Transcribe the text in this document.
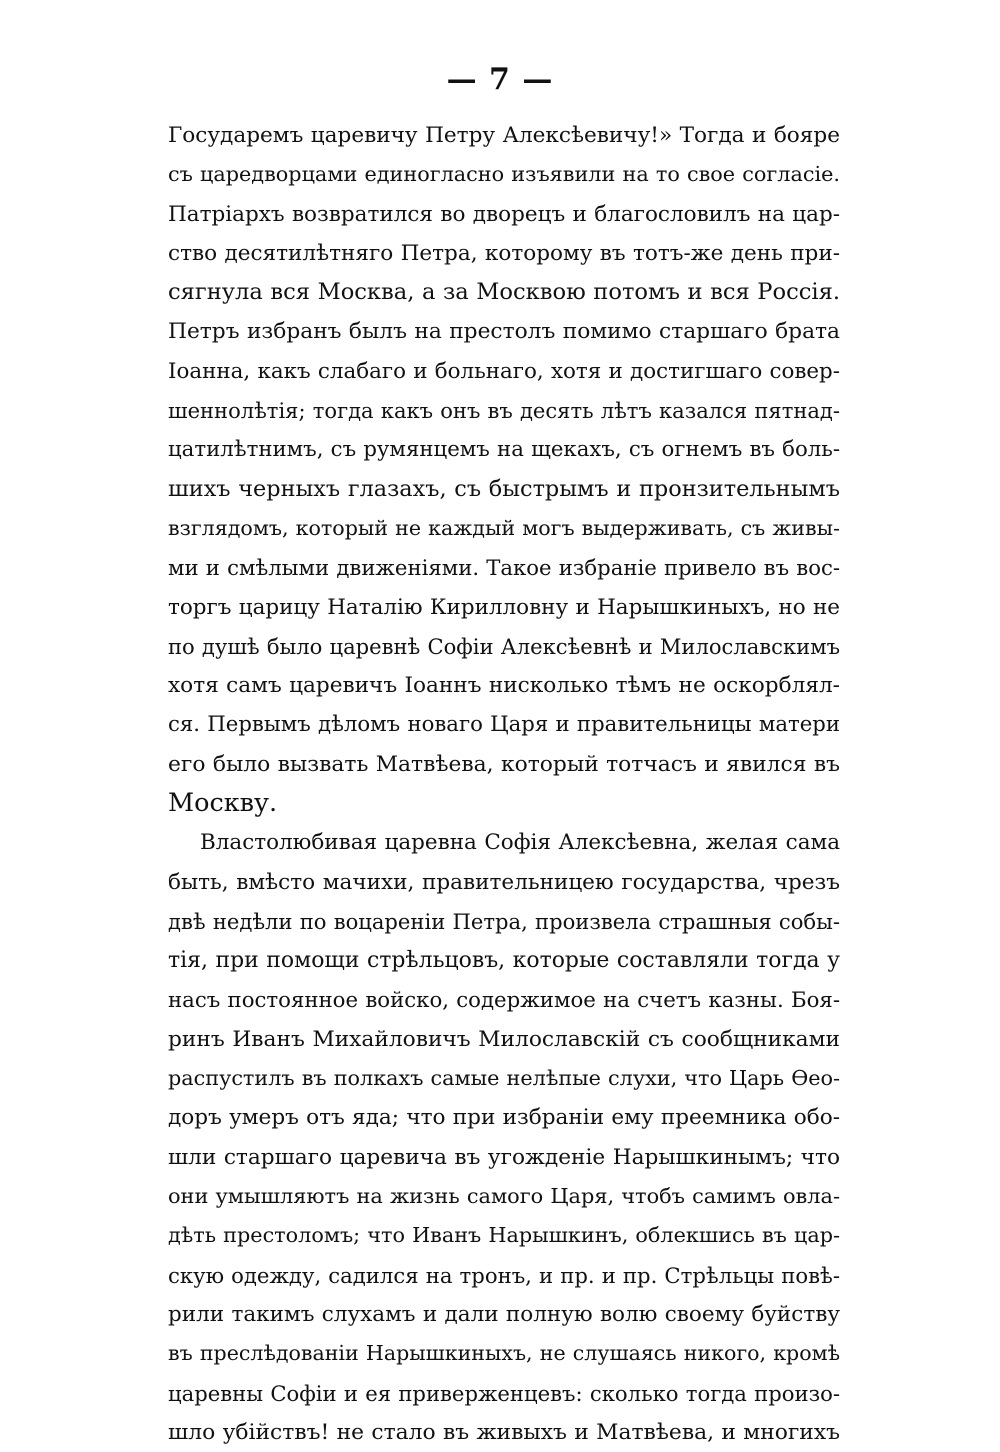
— 7 —
Государемъ царевичу Петру Алексѣевичу!» Тогда и бояре
съ царедворцами единогласно изъявили на то свое согласіе.
Патріархъ возвратился во дворецъ и благословилъ на цар-
ство десятилѣтняго Петра, которому въ тотъ-же день при-
сягнула вся Москва, а за Москвою потомъ и вся Россія.
Петръ избранъ былъ на престолъ помимо старшаго брата
Іоанна, какъ слабаго и больнаго, хотя и достигшаго совер-
шеннолѣтія; тогда какъ онъ въ десять лѣтъ казался пятнад-
цатилѣтнимъ, съ румянцемъ на щекахъ, съ огнемъ въ боль-
шихъ черныхъ глазахъ, съ быстрымъ и пронзительнымъ
взглядомъ, который не каждый могъ выдерживать, съ живы-
ми и смѣлыми движеніями. Такое избраніе привело въ вос-
торгъ царицу Наталію Кирилловну и Нарышкиныхъ, но не
по душѣ было царевнѣ Софіи Алексѣевнѣ и Милославскимъ
хотя самъ царевичъ Іоаннъ нисколько тѣмъ не оскорблял-
ся. Первымъ дѣломъ новаго Царя и правительницы матери
его было вызвать Матвѣева, который тотчасъ и явился въ
Москву.
Властолюбивая царевна Софія Алексѣевна, желая сама
быть, вмѣсто мачихи, правительницею государства, чрезъ
двѣ недѣли по воцареніи Петра, произвела страшныя собы-
тія, при помощи стрѣльцовъ, которые составляли тогда у
насъ постоянное войско, содержимое на счетъ казны. Боя-
ринъ Иванъ Михайловичъ Милославскій съ сообщниками
распустилъ въ полкахъ самые нелѣпые слухи, что Царь Ѳео-
доръ умеръ отъ яда; что при избраніи ему преемника обо-
шли старшаго царевича въ угожденіе Нарышкинымъ; что
они умышляютъ на жизнь самого Царя, чтобъ самимъ овла-
дѣть престоломъ; что Иванъ Нарышкинъ, облекшись въ цар-
скую одежду, садился на тронъ, и пр. и пр. Стрѣльцы повѣ-
рили такимъ слухамъ и дали полную волю своему буйству
въ преслѣдованіи Нарышкиныхъ, не слушаясь никого, кромѣ
царевны Софіи и ея приверженцевъ: сколько тогда произо-
шло убійствъ! не стало въ живыхъ и Матвѣева, и многихъ
